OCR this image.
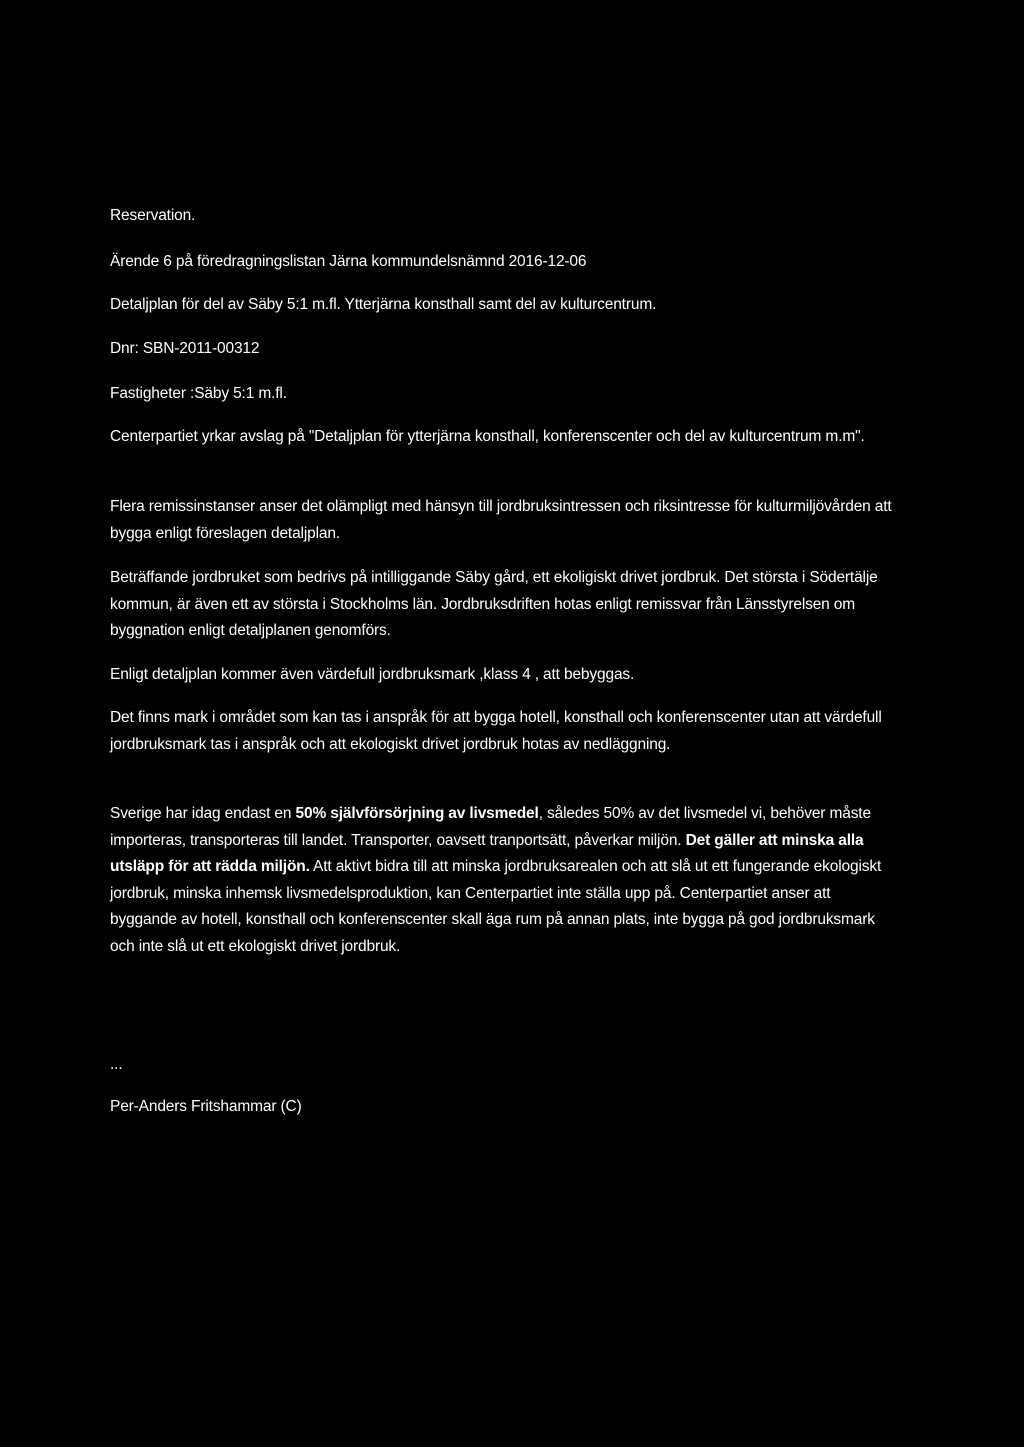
Reservation.
Ärende 6 på föredragningslistan Järna kommundelsnämnd 2016-12-06
Detaljplan för del av Säby 5:1 m.fl. Ytterjärna konsthall samt del av kulturcentrum.
Dnr: SBN-2011-00312
Fastigheter :Säby 5:1 m.fl.
Centerpartiet yrkar avslag på "Detaljplan för ytterjärna konsthall, konferenscenter och del av kulturcentrum m.m".
Flera remissinstanser anser det olämpligt med hänsyn till jordbruksintressen och riksintresse för kulturmiljövården att bygga enligt föreslagen detaljplan.
Beträffande jordbruket som bedrivs på intilliggande Säby gård, ett ekoligiskt drivet jordbruk. Det största i Södertälje kommun, är även ett av största i Stockholms län. Jordbruksdriften hotas enligt remissvar från Länsstyrelsen om byggnation enligt detaljplanen genomförs.
Enligt detaljplan kommer även värdefull jordbruksmark ,klass 4 , att bebyggas.
Det finns mark i området som kan tas i anspråk för att bygga hotell, konsthall och konferenscenter utan att värdefull jordbruksmark tas i anspråk och att ekologiskt drivet jordbruk hotas av nedläggning.
Sverige har idag endast en 50% självförsörjning av livsmedel, således 50% av det livsmedel vi, behöver måste importeras, transporteras till landet. Transporter, oavsett tranportsätt, påverkar miljön. Det gäller att minska alla utsläpp för att rädda miljön. Att aktivt bidra till att minska jordbruksarealen och att slå ut ett fungerande ekologiskt jordbruk, minska inhemsk livsmedelsproduktion, kan Centerpartiet inte ställa upp på. Centerpartiet anser att byggande av hotell, konsthall och konferenscenter skall äga rum på annan plats, inte bygga på god jordbruksmark och inte slå ut ett ekologiskt drivet jordbruk.
...
Per-Anders Fritshammar (C)
